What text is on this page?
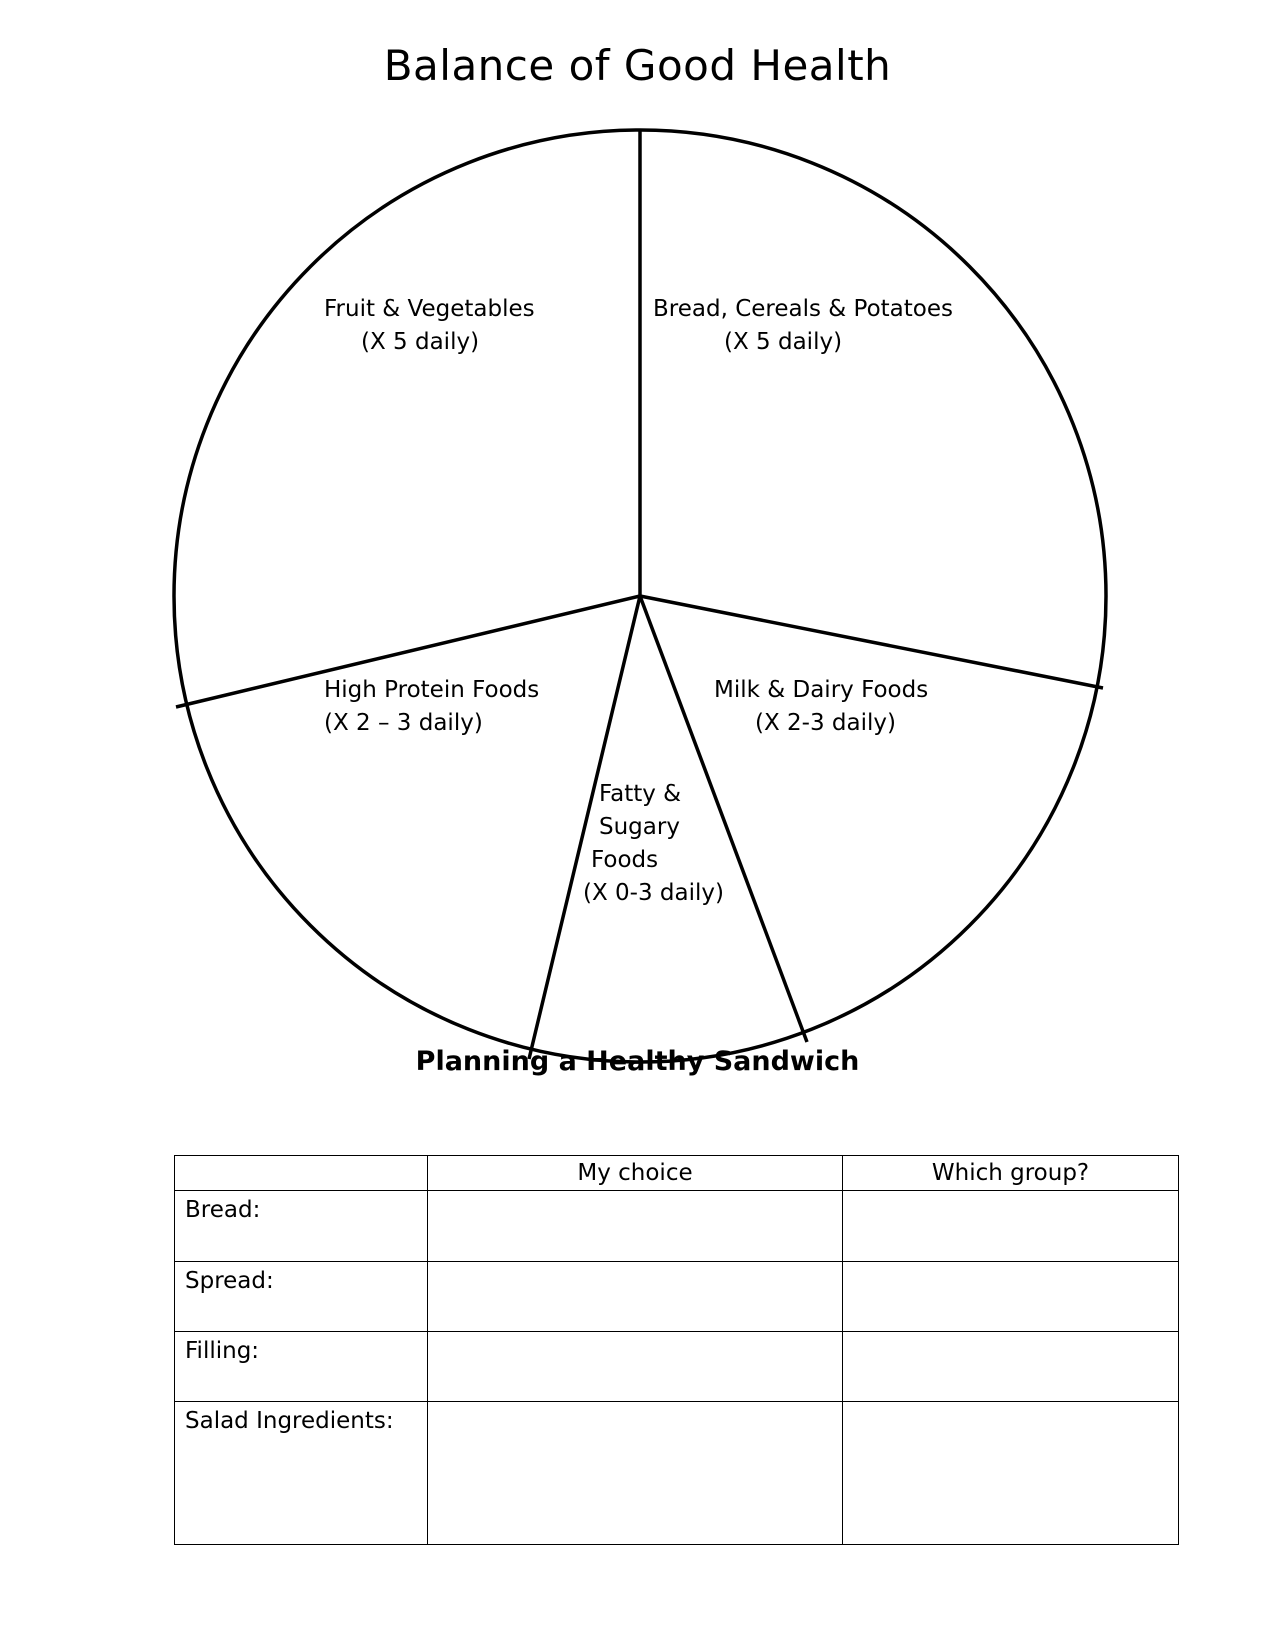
Balance of Good Health
Fruit & Vegetables
(X 5 daily)
Bread, Cereals & Potatoes
(X 5 daily)
High Protein Foods
(X 2 – 3 daily)
Milk & Dairy Foods
(X 2-3 daily)
Fatty &
Sugary
Foods
(X 0-3 daily)
Planning a Healthy Sandwich
	My choice	Which group?
Bread:		
Spread:		
Filling:		
Salad Ingredients:		
